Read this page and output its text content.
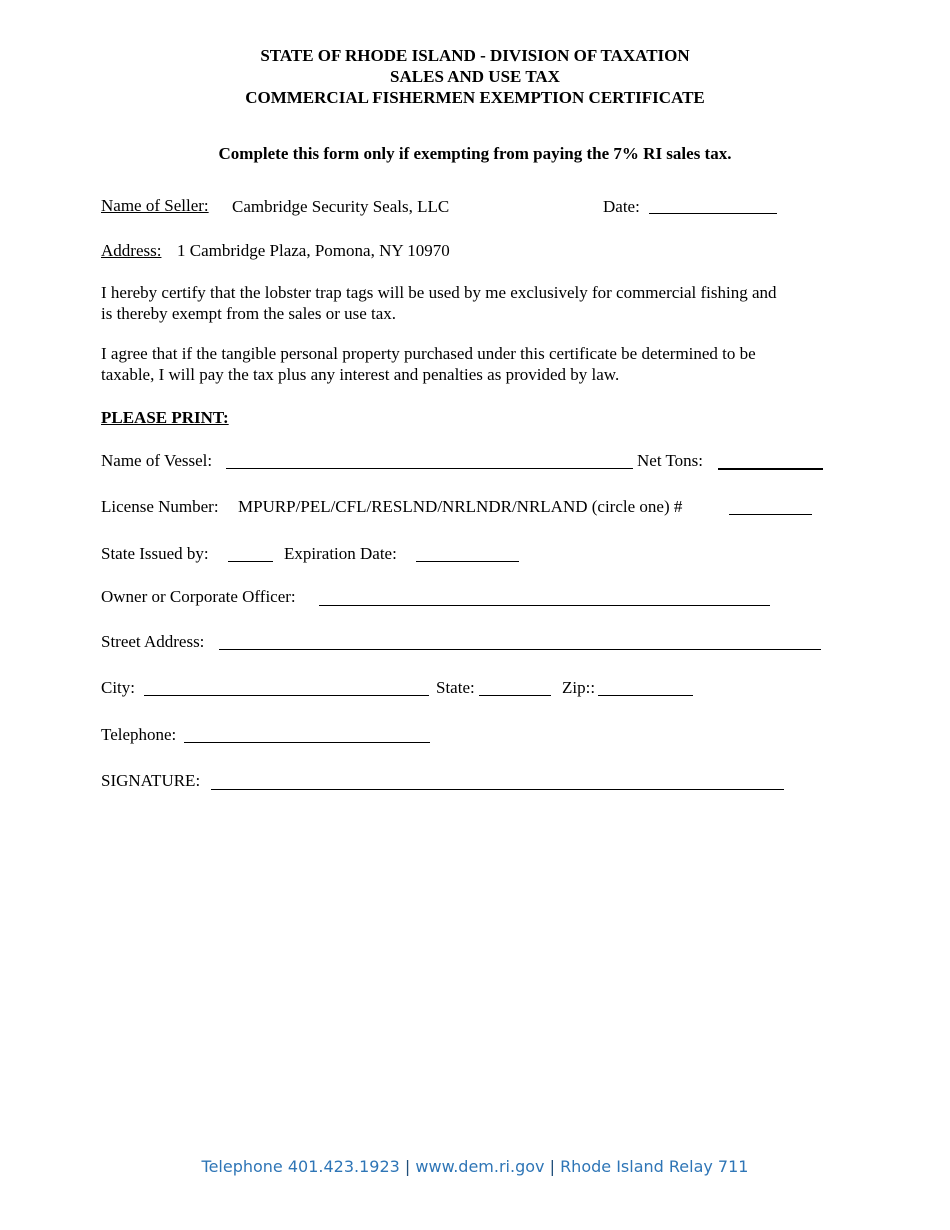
STATE OF RHODE ISLAND - DIVISION OF TAXATION
SALES AND USE TAX
COMMERCIAL FISHERMEN EXEMPTION CERTIFICATE
Complete this form only if exempting from paying the 7% RI sales tax.
Name of Seller: Cambridge Security Seals, LLC	Date:
Address: 1 Cambridge Plaza, Pomona, NY 10970
I hereby certify that the lobster trap tags will be used by me exclusively for commercial fishing and
is thereby exempt from the sales or use tax.
I agree that if the tangible personal property purchased under this certificate be determined to be
taxable, I will pay the tax plus any interest and penalties as provided by law.
PLEASE PRINT:
Name of Vessel:	Net Tons:
License Number: MPURP/PEL/CFL/RESLND/NRLNDR/NRLAND (circle one) #
State Issued by:	Expiration Date:
Owner or Corporate Officer:
Street Address:
City:	State:	Zip::
Telephone:
SIGNATURE:
Telephone 401.423.1923 | www.dem.ri.gov | Rhode Island Relay 711
